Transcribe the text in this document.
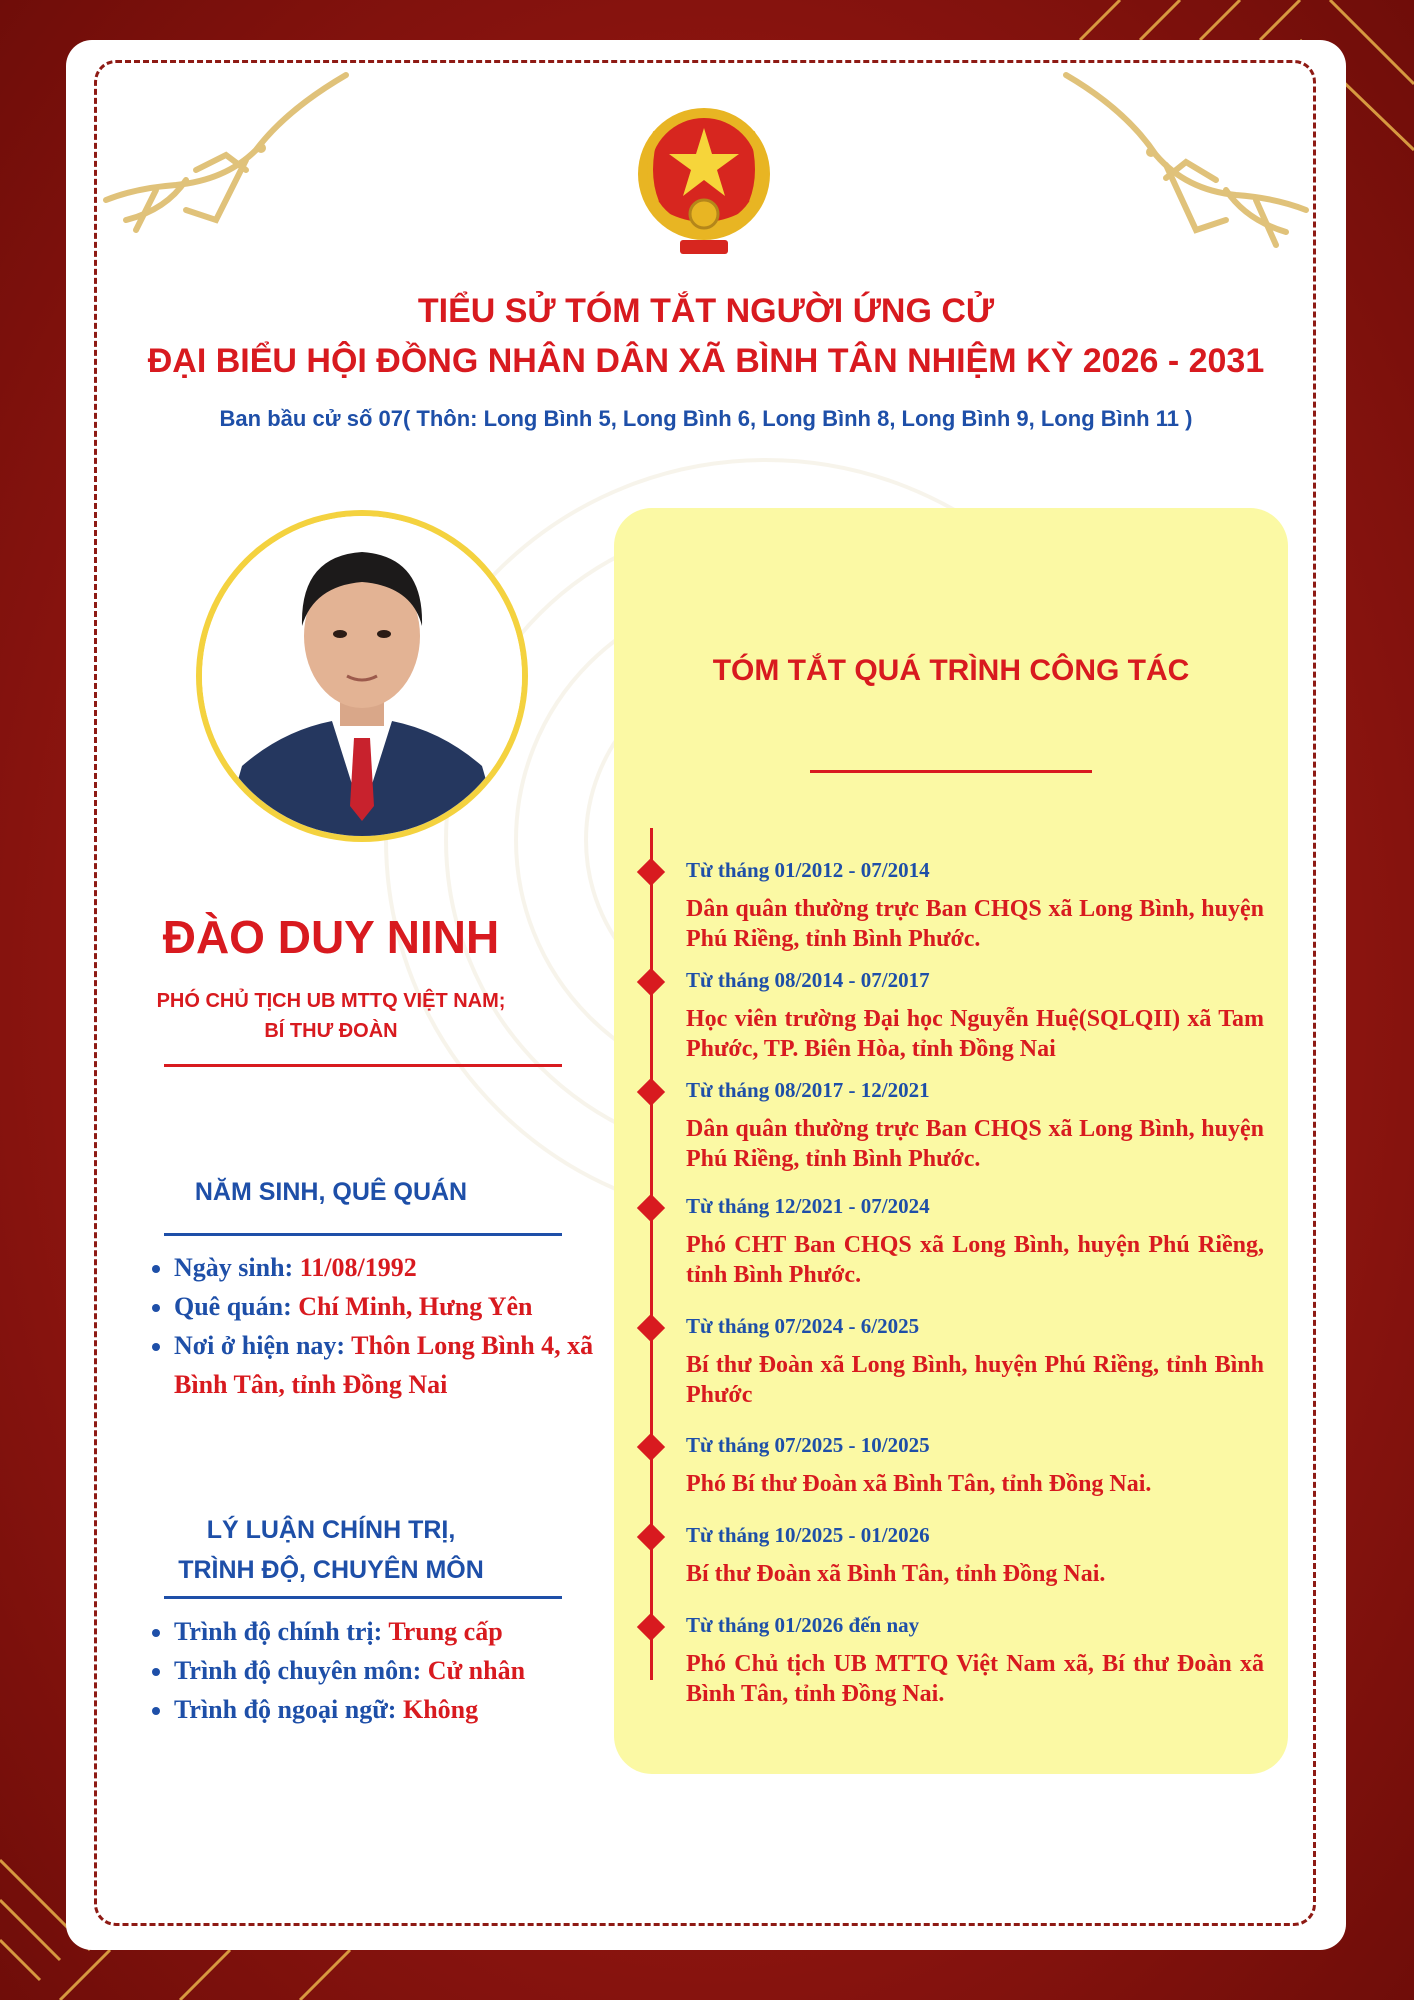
TIỂU SỬ TÓM TẮT NGƯỜI ỨNG CỬ
ĐẠI BIỂU HỘI ĐỒNG NHÂN DÂN XÃ BÌNH TÂN NHIỆM KỲ 2026 - 2031
Ban bầu cử số 07( Thôn: Long Bình 5, Long Bình 6, Long Bình 8, Long Bình 9, Long Bình 11 )
ĐÀO DUY NINH
PHÓ CHỦ TỊCH UB MTTQ VIỆT NAM;
BÍ THƯ ĐOÀN
NĂM SINH, QUÊ QUÁN
• Ngày sinh: 11/08/1992
• Quê quán: Chí Minh, Hưng Yên
• Nơi ở hiện nay: Thôn Long Bình 4, xã Bình Tân, tỉnh Đồng Nai
LÝ LUẬN CHÍNH TRỊ,
TRÌNH ĐỘ, CHUYÊN MÔN
• Trình độ chính trị: Trung cấp
• Trình độ chuyên môn: Cử nhân
• Trình độ ngoại ngữ: Không
TÓM TẮT QUÁ TRÌNH CÔNG TÁC
Từ tháng 01/2012 - 07/2014
Dân quân thường trực Ban CHQS xã Long Bình, huyện Phú Riềng, tỉnh Bình Phước.
Từ tháng 08/2014 - 07/2017
Học viên trường Đại học Nguyễn Huệ(SQLQII) xã Tam Phước, TP. Biên Hòa, tỉnh Đồng Nai
Từ tháng 08/2017 - 12/2021
Dân quân thường trực Ban CHQS xã Long Bình, huyện Phú Riềng, tỉnh Bình Phước.
Từ tháng 12/2021 - 07/2024
Phó CHT Ban CHQS xã Long Bình, huyện Phú Riềng, tỉnh Bình Phước.
Từ tháng 07/2024 - 6/2025
Bí thư Đoàn xã Long Bình, huyện Phú Riềng, tỉnh Bình Phước
Từ tháng 07/2025 - 10/2025
Phó Bí thư Đoàn xã Bình Tân, tỉnh Đồng Nai.
Từ tháng 10/2025 - 01/2026
Bí thư Đoàn xã Bình Tân, tỉnh Đồng Nai.
Từ tháng 01/2026 đến nay
Phó Chủ tịch UB MTTQ Việt Nam xã, Bí thư Đoàn xã Bình Tân, tỉnh Đồng Nai.
